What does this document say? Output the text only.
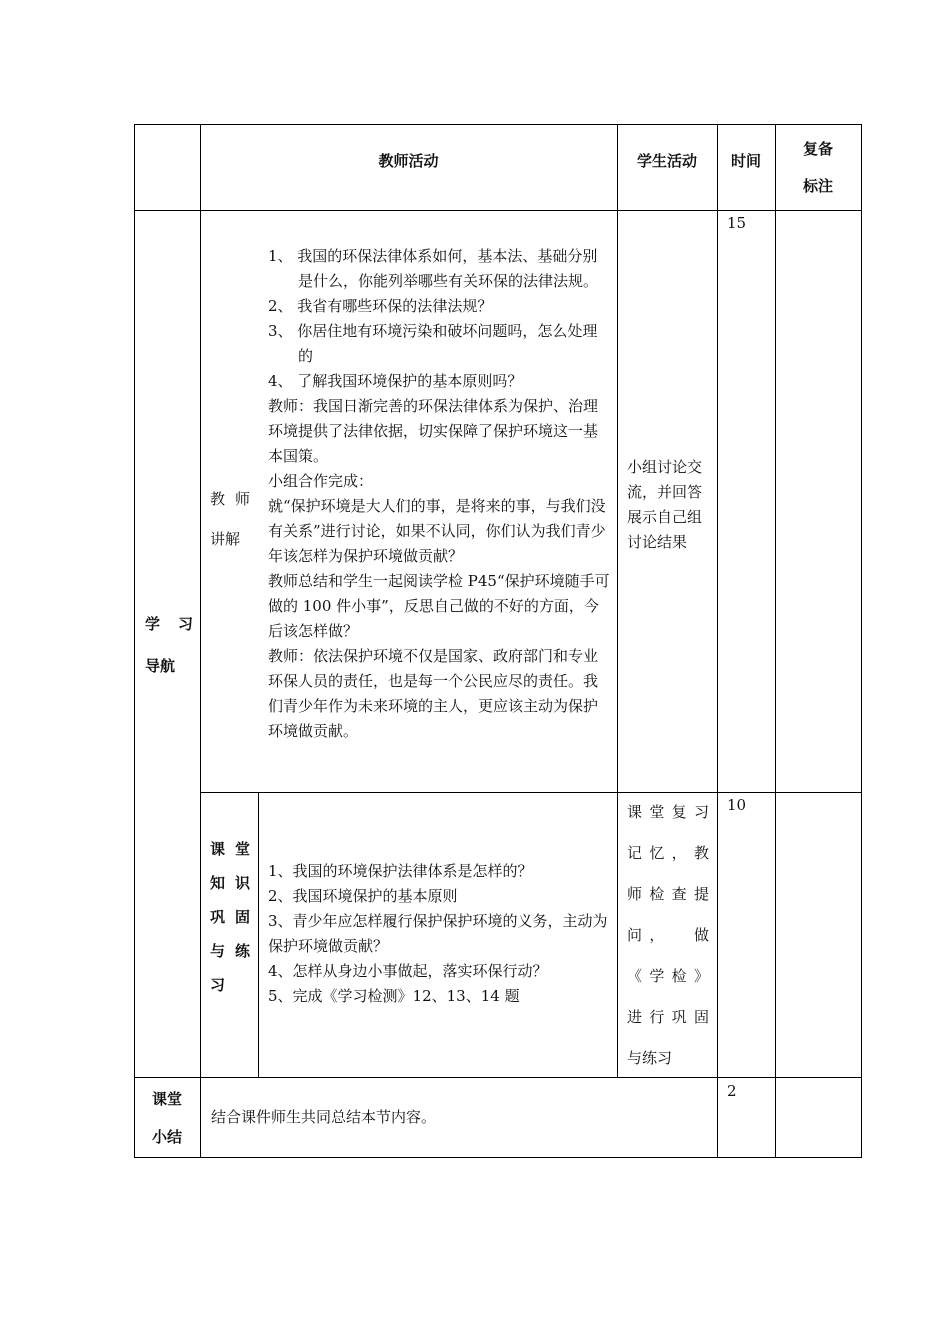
教师活动	学生活动	时间
复备
标注
学　习
导航
教 师
讲解
1、 我国的环保法律体系如何，基本法、基础分别是什么，你能列举哪些有关环保的法律法规。
2、 我省有哪些环保的法律法规？
3、 你居住地有环境污染和破坏问题吗，怎么处理的
4、 了解我国环境保护的基本原则吗？
教师：我国日渐完善的环保法律体系为保护、治理环境提供了法律依据，切实保障了保护环境这一基本国策。
小组合作完成：
就“保护环境是大人们的事，是将来的事，与我们没有关系”进行讨论，如果不认同，你们认为我们青少年该怎样为保护环境做贡献？
教师总结和学生一起阅读学检 P45“保护环境随手可做的 100 件小事”，反思自己做的不好的方面，今后该怎样做？
教师：依法保护环境不仅是国家、政府部门和专业环保人员的责任，也是每一个公民应尽的责任。我们青少年作为未来环境的主人，更应该主动为保护环境做贡献。
小组讨论交流，并回答展示自己组讨论结果
15
课 堂
知 识
巩 固
与 练
习
1、我国的环境保护法律体系是怎样的？
2、我国环境保护的基本原则
3、青少年应怎样履行保护保护环境的义务，主动为保护环境做贡献？
4、怎样从身边小事做起，落实环保行动？
5、完成《学习检测》12、13、14 题
课 堂 复 习
记 忆 ， 教
师 检 查 提
问 ， 　 做
《 学 检 》
进 行 巩 固
与练习
10
课堂
小结
结合课件师生共同总结本节内容。
2
